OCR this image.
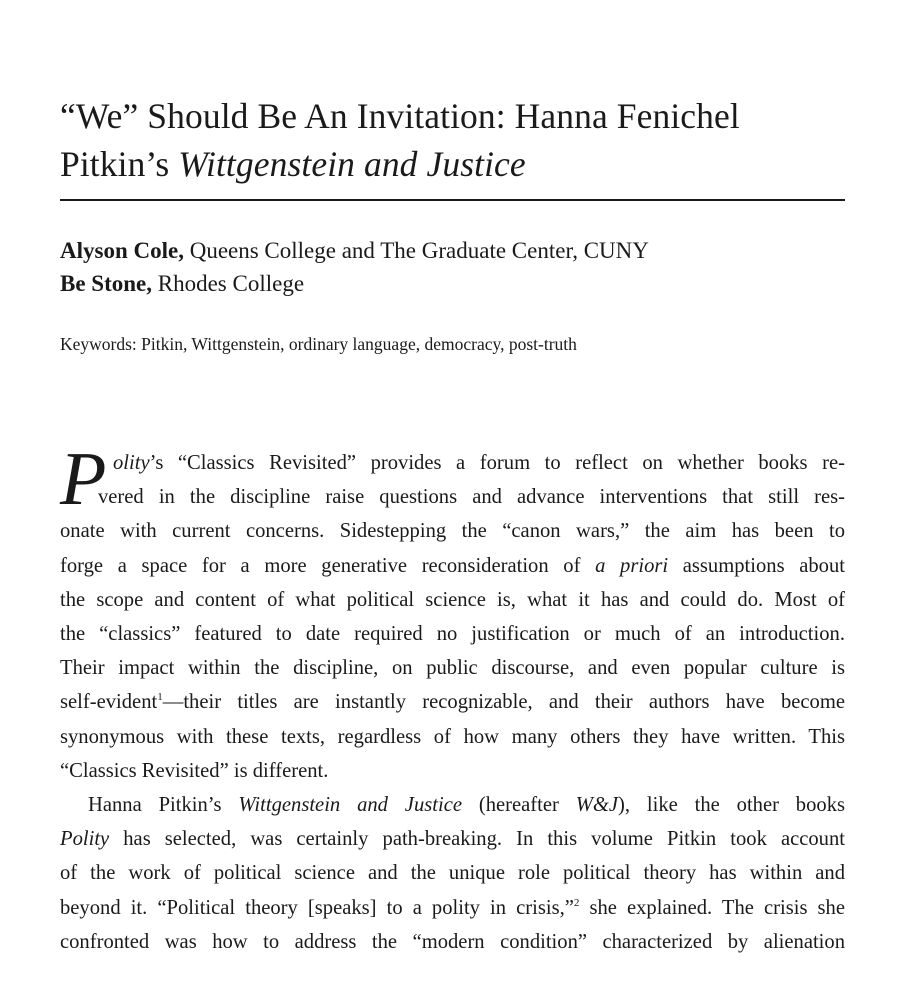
“We” Should Be An Invitation: Hanna Fenichel
Pitkin’s Wittgenstein and Justice
Alyson Cole, Queens College and The Graduate Center, CUNY
Be Stone, Rhodes College
Keywords: Pitkin, Wittgenstein, ordinary language, democracy, post-truth
P olity’s “Classics Revisited” provides a forum to reflect on whether books re-
vered in the discipline raise questions and advance interventions that still res-
onate with current concerns. Sidestepping the “canon wars,” the aim has been to
forge a space for a more generative reconsideration of a priori assumptions about
the scope and content of what political science is, what it has and could do. Most of
the “classics” featured to date required no justification or much of an introduction.
Their impact within the discipline, on public discourse, and even popular culture is
self-evident$^1$—their titles are instantly recognizable, and their authors have become
synonymous with these texts, regardless of how many others they have written. This
“Classics Revisited” is different.
Hanna Pitkin’s Wittgenstein and Justice (hereafter W&J), like the other books
Polity has selected, was certainly path-breaking. In this volume Pitkin took account
of the work of political science and the unique role political theory has within and
beyond it. “Political theory [speaks] to a polity in crisis,”$^2$ she explained. The crisis she
confronted was how to address the “modern condition” characterized by alienation
